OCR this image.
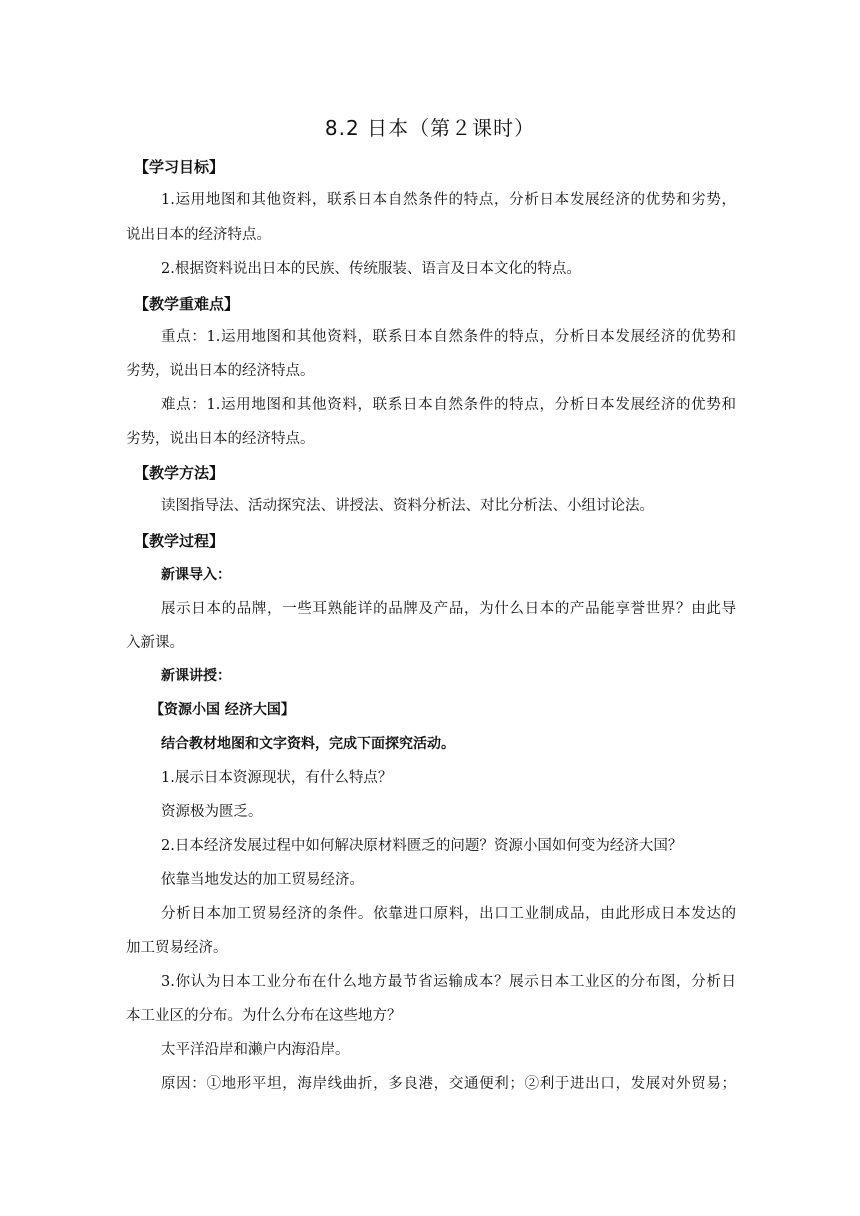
8.2 日本（第２课时）
【学习目标】
1.运用地图和其他资料，联系日本自然条件的特点，分析日本发展经济的优势和劣势，
说出日本的经济特点。
2.根据资料说出日本的民族、传统服装、语言及日本文化的特点。
【教学重难点】
重点：1.运用地图和其他资料，联系日本自然条件的特点，分析日本发展经济的优势和
劣势，说出日本的经济特点。
难点：1.运用地图和其他资料，联系日本自然条件的特点，分析日本发展经济的优势和
劣势，说出日本的经济特点。
【教学方法】
读图指导法、活动探究法、讲授法、资料分析法、对比分析法、小组讨论法。
【教学过程】
新课导入：
展示日本的品牌，一些耳熟能详的品牌及产品，为什么日本的产品能享誉世界？由此导
入新课。
新课讲授：
【资源小国 经济大国】
结合教材地图和文字资料，完成下面探究活动。
1.展示日本资源现状，有什么特点？
资源极为匮乏。
2.日本经济发展过程中如何解决原材料匮乏的问题？资源小国如何变为经济大国？
依靠当地发达的加工贸易经济。
分析日本加工贸易经济的条件。依靠进口原料，出口工业制成品，由此形成日本发达的
加工贸易经济。
3.你认为日本工业分布在什么地方最节省运输成本？展示日本工业区的分布图，分析日
本工业区的分布。为什么分布在这些地方？
太平洋沿岸和濑户内海沿岸。
原因：①地形平坦，海岸线曲折，多良港，交通便利；②利于进出口，发展对外贸易；
